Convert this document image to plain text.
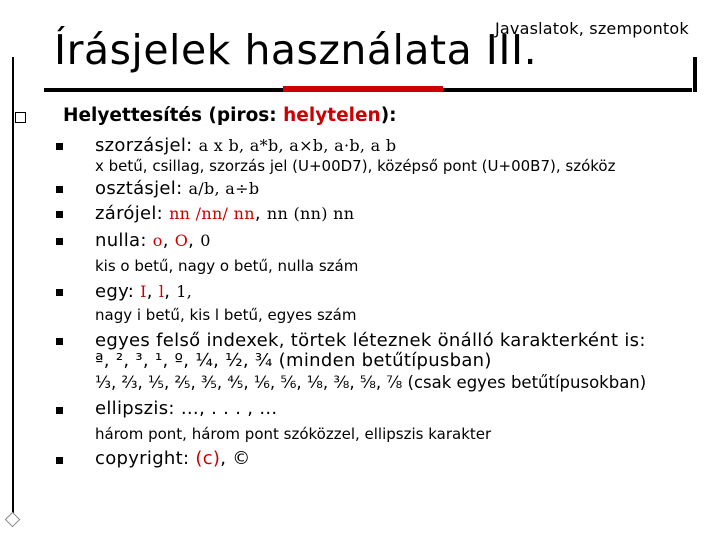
Javaslatok, szempontok
Írásjelek használata III.
Helyettesítés (piros: helytelen):
szorzásjel: a x b, a*b, a×b, a·b, a b
x betű, csillag, szorzás jel (U+00D7), középső pont (U+00B7), szóköz
osztásjel: a/b, a÷b
zárójel: nn /nn/ nn, nn (nn) nn
nulla: o, O, 0
kis o betű, nagy o betű, nulla szám
egy: I, l, 1,
nagy i betű, kis l betű, egyes szám
egyes felső indexek, törtek léteznek önálló karakterként is:
ª, ², ³, ¹, º, ¼, ½, ¾ (minden betűtípusban)
⅓, ⅔, ⅕, ⅖, ⅗, ⅘, ⅙, ⅚, ⅛, ⅜, ⅝, ⅞ (csak egyes betűtípusokban)
ellipszis: …, . . . , ...
három pont, három pont szóközzel, ellipszis karakter
copyright: (c), ©
